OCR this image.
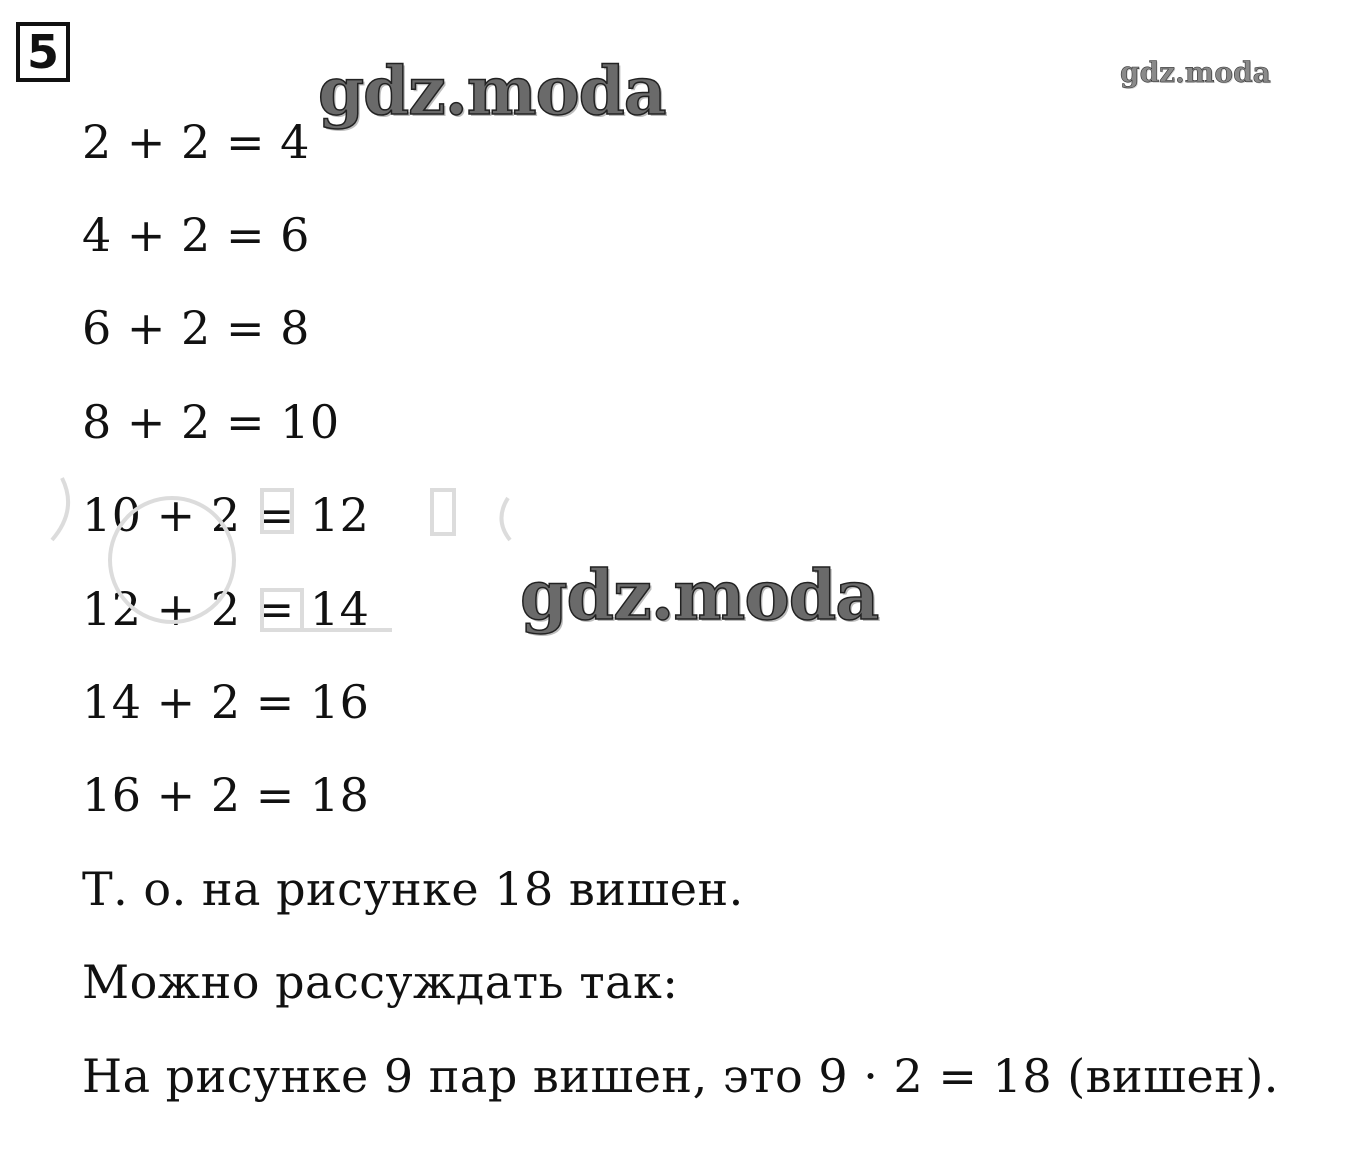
5
2 + 2 = 4
4 + 2 = 6
6 + 2 = 8
8 + 2 = 10
10 + 2 = 12
12 + 2 = 14
14 + 2 = 16
16 + 2 = 18
Т. о. на рисунке 18 вишен.
Можно рассуждать так:
На рисунке 9 пар вишен, это 9 · 2 = 18 (вишен).
gdz.moda	gdz.moda
gdz.moda
